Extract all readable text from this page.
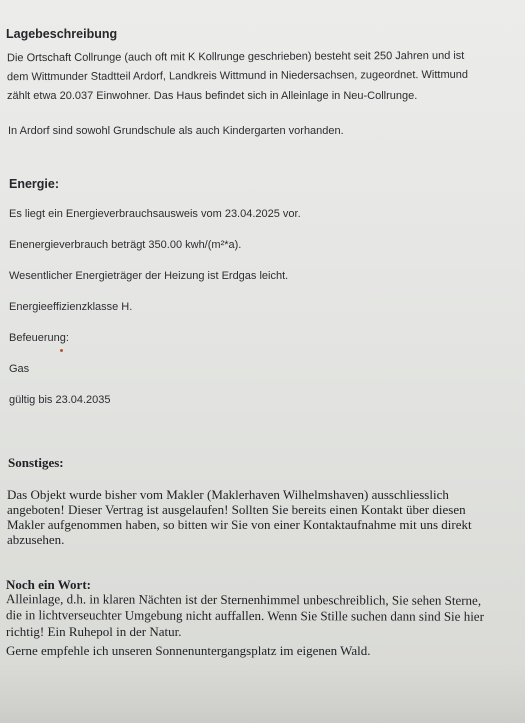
Lagebeschreibung
Die Ortschaft Collrunge (auch oft mit K Kollrunge geschrieben) besteht seit 250 Jahren und ist
dem Wittmunder Stadtteil Ardorf, Landkreis Wittmund in Niedersachsen, zugeordnet. Wittmund
zählt etwa 20.037 Einwohner. Das Haus befindet sich in Alleinlage in Neu-Collrunge.
In Ardorf sind sowohl Grundschule als auch Kindergarten vorhanden.
Energie:
Es liegt ein Energieverbrauchsausweis vom 23.04.2025 vor.
Enenergieverbrauch beträgt 350.00 kwh/(m²*a).
Wesentlicher Energieträger der Heizung ist Erdgas leicht.
Energieeffizienzklasse H.
Befeuerung:
Gas
gültig bis 23.04.2035
Sonstiges:
Das Objekt wurde bisher vom Makler (Maklerhaven Wilhelmshaven) ausschliesslich
angeboten! Dieser Vertrag ist ausgelaufen! Sollten Sie bereits einen Kontakt über diesen
Makler aufgenommen haben, so bitten wir Sie von einer Kontaktaufnahme mit uns direkt
abzusehen.
Noch ein Wort:
Alleinlage, d.h. in klaren Nächten ist der Sternenhimmel unbeschreiblich, Sie sehen Sterne,
die in lichtverseuchter Umgebung nicht auffallen. Wenn Sie Stille suchen dann sind Sie hier
richtig! Ein Ruhepol in der Natur.
Gerne empfehle ich unseren Sonnenuntergangsplatz im eigenen Wald.
